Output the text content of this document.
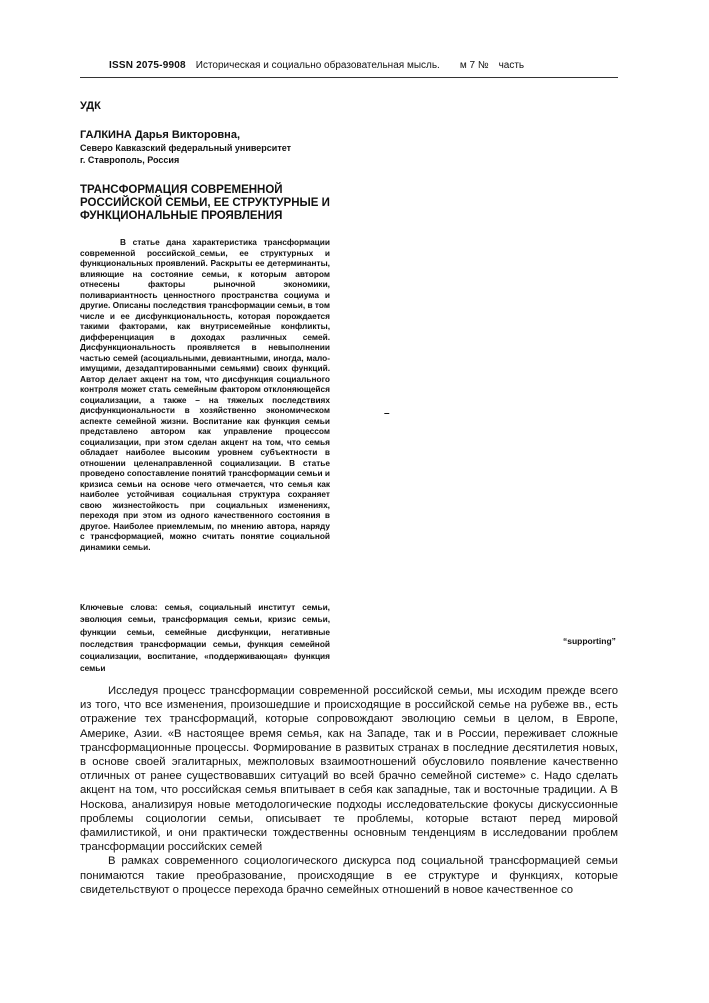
ISSN 2075-9908 Историческая и социально образовательная мысль. м 7 № часть
УДК
ГАЛКИНА Дарья Викторовна,
Северо Кавказский федеральный университет
г. Ставрополь, Россия
ТРАНСФОРМАЦИЯ СОВРЕМЕННОЙ РОССИЙСКОЙ СЕМЬИ, ЕЕ СТРУКТУРНЫЕ И ФУНКЦИОНАЛЬНЫЕ ПРОЯВЛЕНИЯ

В статье дана характеристика трансформации современной российской_семьи, ее структурных и функциональных проявлений. Раскрыты ее детерминанты, влияющие на состояние семьи, к которым автором отнесены факторы рыночной экономики, поливариантность ценностного пространства социума и другие. Описаны последствия трансформации семьи, в том числе и ее дисфункциональность, которая порождается такими факторами, как внутрисемейные конфликты, дифференциация в доходах различных семей. Дисфункциональность проявляется в невыполнении частью семей (асоциальными, девиантными, иногда, малоимущими, дезадаптированными семьями) своих функций. Автор делает акцент на том, что дисфункция социального контроля может стать семейным фактором отклоняющейся социализации, а также – на тяжелых последствиях дисфункциональности в хозяйственно экономическом аспекте семейной жизни. Воспитание как функция семьи представлено автором как управление процессом социализации, при этом сделан акцент на том, что семья обладает наиболее высоким уровнем субъектности в отношении целенаправленной социализации. В статье проведено сопоставление понятий трансформации семьи и кризиса семьи на основе чего отмечается, что семья как наиболее устойчивая социальная структура сохраняет свою жизнестойкость при социальных изменениях, переходя при этом из одного качественного состояния в другое. Наиболее приемлемым, по мнению автора, наряду с трансформацией, можно считать понятие социальной динамики семьи.

Ключевые слова: семья, социальный институт семьи, эволюция семьи, трансформация семьи, кризис семьи, функции семьи, семейные дисфункции, негативные последствия трансформации семьи, функция семейной социализации, воспитание, «поддерживающая» функция семьи
–
“supporting”

Исследуя процесс трансформации современной российской семьи, мы исходим прежде всего из того, что все изменения, произошедшие и происходящие в российской семье на рубеже вв., есть отражение тех трансформаций, которые сопровождают эволюцию семьи в целом, в Европе, Америке, Азии. «В настоящее время семья, как на Западе, так и в России, переживает сложные трансформационные процессы. Формирование в развитых странах в последние десятилетия новых, в основе своей эгалитарных, межполовых взаимоотношений обусловило появление качественно отличных от ранее существовавших ситуаций во всей брачно семейной системе» с. Надо сделать акцент на том, что российская семья впитывает в себя как западные, так и восточные традиции. А В Носкова, анализируя новые методологические подходы исследовательские фокусы дискуссионные проблемы социологии семьи, описывает те проблемы, которые встают перед мировой фамилистикой, и они практически тождественны основным тенденциям в исследовании проблем трансформации российских семей

В рамках современного социологического дискурса под социальной трансформацией семьи понимаются такие преобразование, происходящие в ее структуре и функциях, которые свидетельствуют о процессе перехода брачно семейных отношений в новое качественное со
